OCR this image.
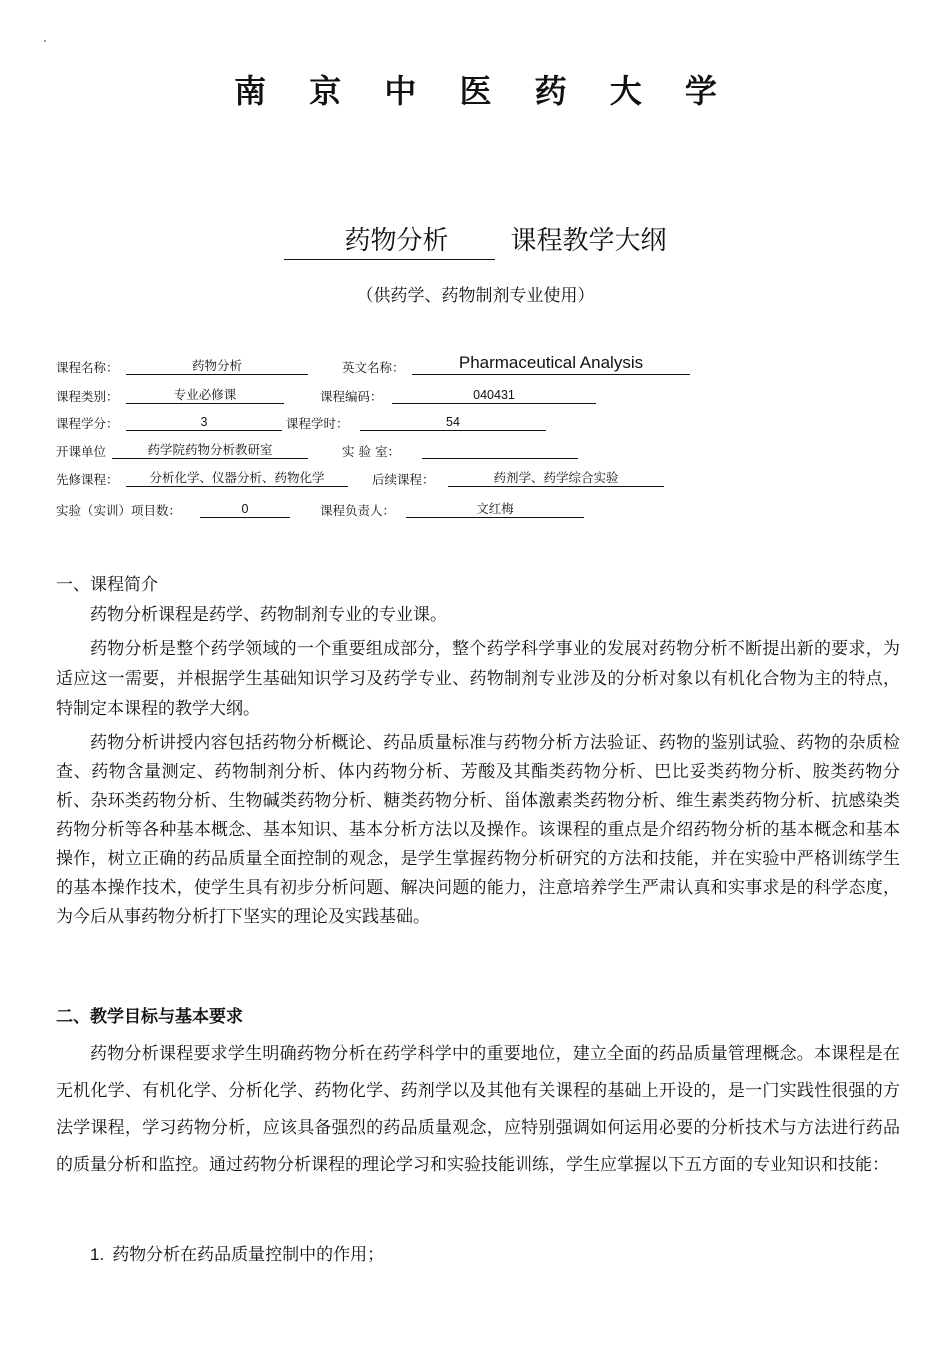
南 京 中 医 药 大 学
药物分析 课程教学大纲
（供药学、药物制剂专业使用）
课程名称：	药物分析	英文名称：	Pharmaceutical Analysis
课程类别：	专业必修课	课程编码：	040431
课程学分：	3	课程学时：	54
开课单位	药学院药物分析教研室	实 验 室：
先修课程：	分析化学、仪器分析、药物化学	后续课程：	药剂学、药学综合实验
实验（实训）项目数：	0	课程负责人：	文红梅
一、课程简介
药物分析课程是药学、药物制剂专业的专业课。
药物分析是整个药学领域的一个重要组成部分，整个药学科学事业的发展对药物分析不断提出新的要求，为适应这一需要，并根据学生基础知识学习及药学专业、药物制剂专业涉及的分析对象以有机化合物为主的特点，特制定本课程的教学大纲。
药物分析讲授内容包括药物分析概论、药品质量标准与药物分析方法验证、药物的鉴别试验、药物的杂质检查、药物含量测定、药物制剂分析、体内药物分析、芳酸及其酯类药物分析、巴比妥类药物分析、胺类药物分析、杂环类药物分析、生物碱类药物分析、糖类药物分析、甾体激素类药物分析、维生素类药物分析、抗感染类药物分析等各种基本概念、基本知识、基本分析方法以及操作。该课程的重点是介绍药物分析的基本概念和基本操作，树立正确的药品质量全面控制的观念，是学生掌握药物分析研究的方法和技能，并在实验中严格训练学生的基本操作技术，使学生具有初步分析问题、解决问题的能力，注意培养学生严肃认真和实事求是的科学态度，为今后从事药物分析打下坚实的理论及实践基础。
二、教学目标与基本要求
药物分析课程要求学生明确药物分析在药学科学中的重要地位，建立全面的药品质量管理概念。本课程是在无机化学、有机化学、分析化学、药物化学、药剂学以及其他有关课程的基础上开设的，是一门实践性很强的方法学课程，学习药物分析，应该具备强烈的药品质量观念，应特别强调如何运用必要的分析技术与方法进行药品的质量分析和监控。通过药物分析课程的理论学习和实验技能训练，学生应掌握以下五方面的专业知识和技能：
1. 药物分析在药品质量控制中的作用；
